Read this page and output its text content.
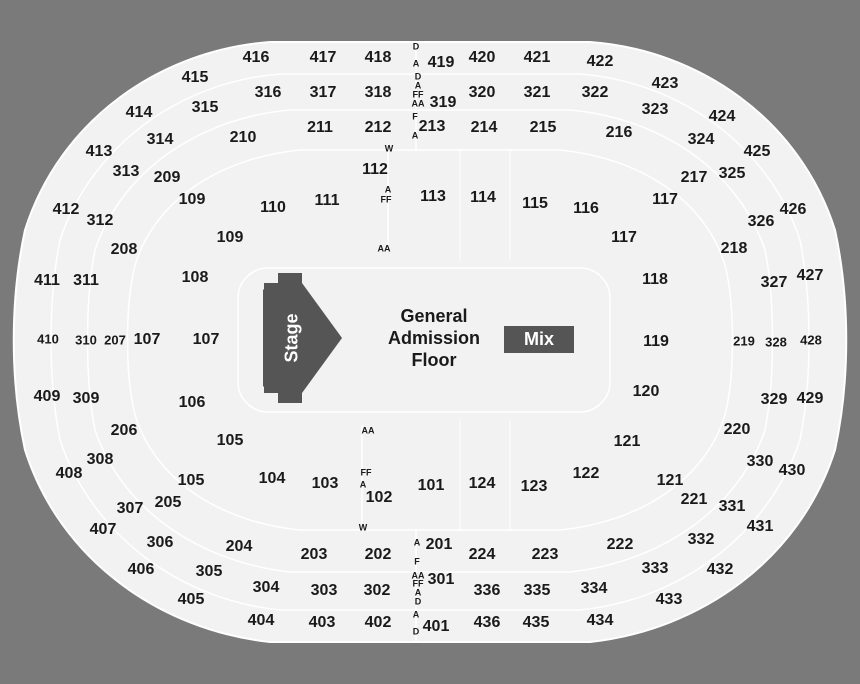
Stage	Mix
General
Admission
Floor
416	417 418 419 420 421 422
415	423
316 317 318
319
320 321 322
414 315	323	424
210
211 212 213 214 215	216
314	324
413	425
313 209	112	217 325
109	110 111	113 114 115 116
117
412
312	326
426
109	117
208	218
108	118
411 311	327 427
107 107	119
406
120
106
409 309	329 429
206	220
105	121
308	330
408	430
104 103
102
101 124 123
122
105	121
205	221
307	331
407	431
204
306	332
222
203 202
201
224 223
305	333 432
304 303 302
301
336 335 334
405	433
404 403 402 401 436 435 434
410 310 207	219 328 428
D
A
D
A
FF
AA
F
A
W
A
FF
AA
AA
FF
A
W
A
F
AA
FF
A
D
A
D
